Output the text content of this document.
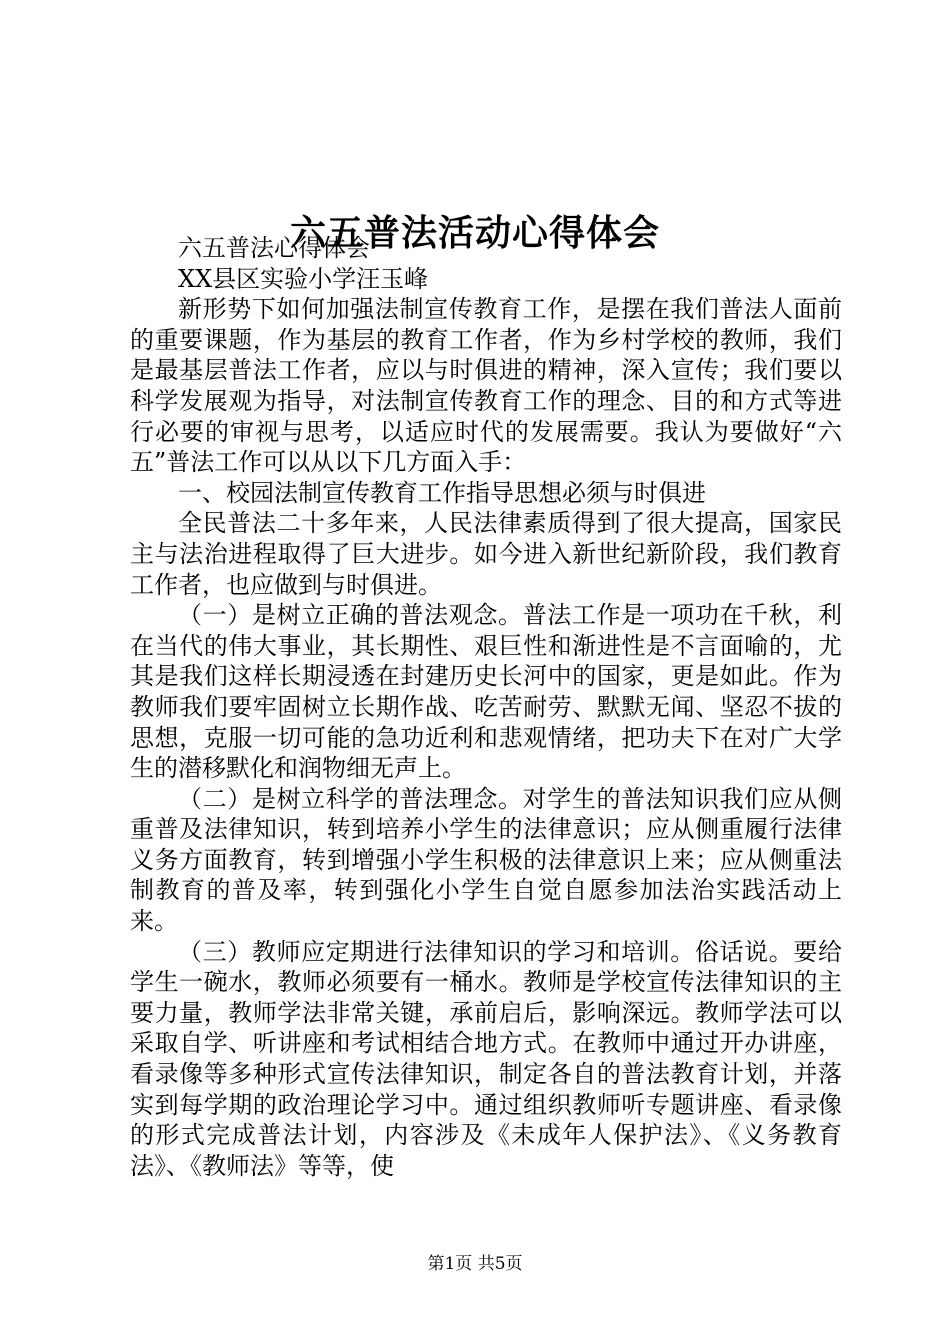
六五普法活动心得体会

六五普法心得体会

XX县区实验小学汪玉峰

新形势下如何加强法制宣传教育工作，是摆在我们普法人面前的重要课题，作为基层的教育工作者，作为乡村学校的教师，我们是最基层普法工作者，应以与时俱进的精神，深入宣传；我们要以科学发展观为指导，对法制宣传教育工作的理念、目的和方式等进行必要的审视与思考，以适应时代的发展需要。我认为要做好“六五”普法工作可以从以下几方面入手：

一、校园法制宣传教育工作指导思想必须与时俱进

全民普法二十多年来，人民法律素质得到了很大提高，国家民主与法治进程取得了巨大进步。如今进入新世纪新阶段，我们教育工作者，也应做到与时俱进。

（一）是树立正确的普法观念。普法工作是一项功在千秋，利在当代的伟大事业，其长期性、艰巨性和渐进性是不言面喻的，尤其是我们这样长期浸透在封建历史长河中的国家，更是如此。作为教师我们要牢固树立长期作战、吃苦耐劳、默默无闻、坚忍不拔的思想，克服一切可能的急功近利和悲观情绪，把功夫下在对广大学生的潜移默化和润物细无声上。

（二）是树立科学的普法理念。对学生的普法知识我们应从侧重普及法律知识，转到培养小学生的法律意识；应从侧重履行法律义务方面教育，转到增强小学生积极的法律意识上来；应从侧重法制教育的普及率，转到强化小学生自觉自愿参加法治实践活动上来。

（三）教师应定期进行法律知识的学习和培训。俗话说。要给学生一碗水，教师必须要有一桶水。教师是学校宣传法律知识的主要力量，教师学法非常关键，承前启后，影响深远。教师学法可以采取自学、听讲座和考试相结合地方式。在教师中通过开办讲座，看录像等多种形式宣传法律知识，制定各自的普法教育计划，并落实到每学期的政治理论学习中。通过组织教师听专题讲座、看录像的形式完成普法计划，内容涉及《未成年人保护法》、《义务教育法》、《教师法》等等，使

第1页 共5页
